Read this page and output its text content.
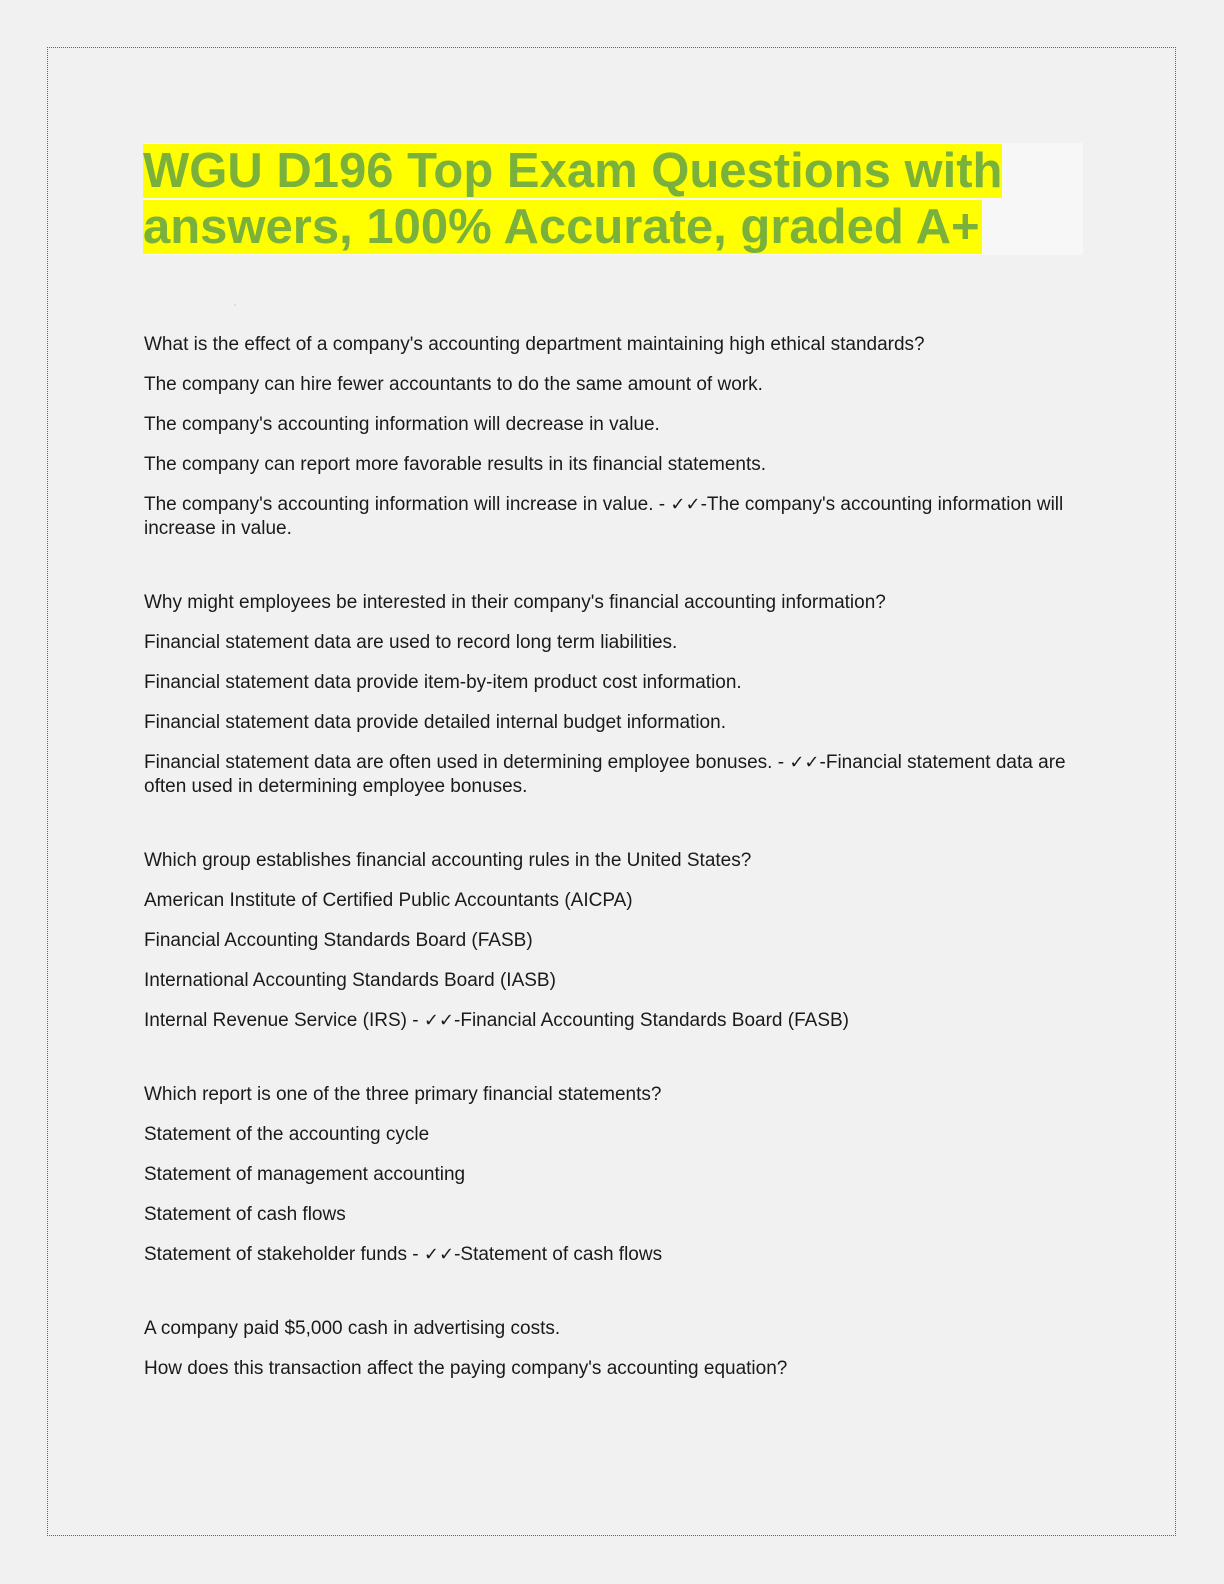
WGU D196 Top Exam Questions with answers, 100% Accurate, graded A+

What is the effect of a company's accounting department maintaining high ethical standards?

The company can hire fewer accountants to do the same amount of work.

The company's accounting information will decrease in value.

The company can report more favorable results in its financial statements.

The company's accounting information will increase in value. - ✓✓-The company's accounting information will increase in value.

Why might employees be interested in their company's financial accounting information?

Financial statement data are used to record long term liabilities.

Financial statement data provide item-by-item product cost information.

Financial statement data provide detailed internal budget information.

Financial statement data are often used in determining employee bonuses. - ✓✓-Financial statement data are often used in determining employee bonuses.

Which group establishes financial accounting rules in the United States?

American Institute of Certified Public Accountants (AICPA)

Financial Accounting Standards Board (FASB)

International Accounting Standards Board (IASB)

Internal Revenue Service (IRS) - ✓✓-Financial Accounting Standards Board (FASB)

Which report is one of the three primary financial statements?

Statement of the accounting cycle

Statement of management accounting

Statement of cash flows

Statement of stakeholder funds - ✓✓-Statement of cash flows

A company paid $5,000 cash in advertising costs.

How does this transaction affect the paying company's accounting equation?
